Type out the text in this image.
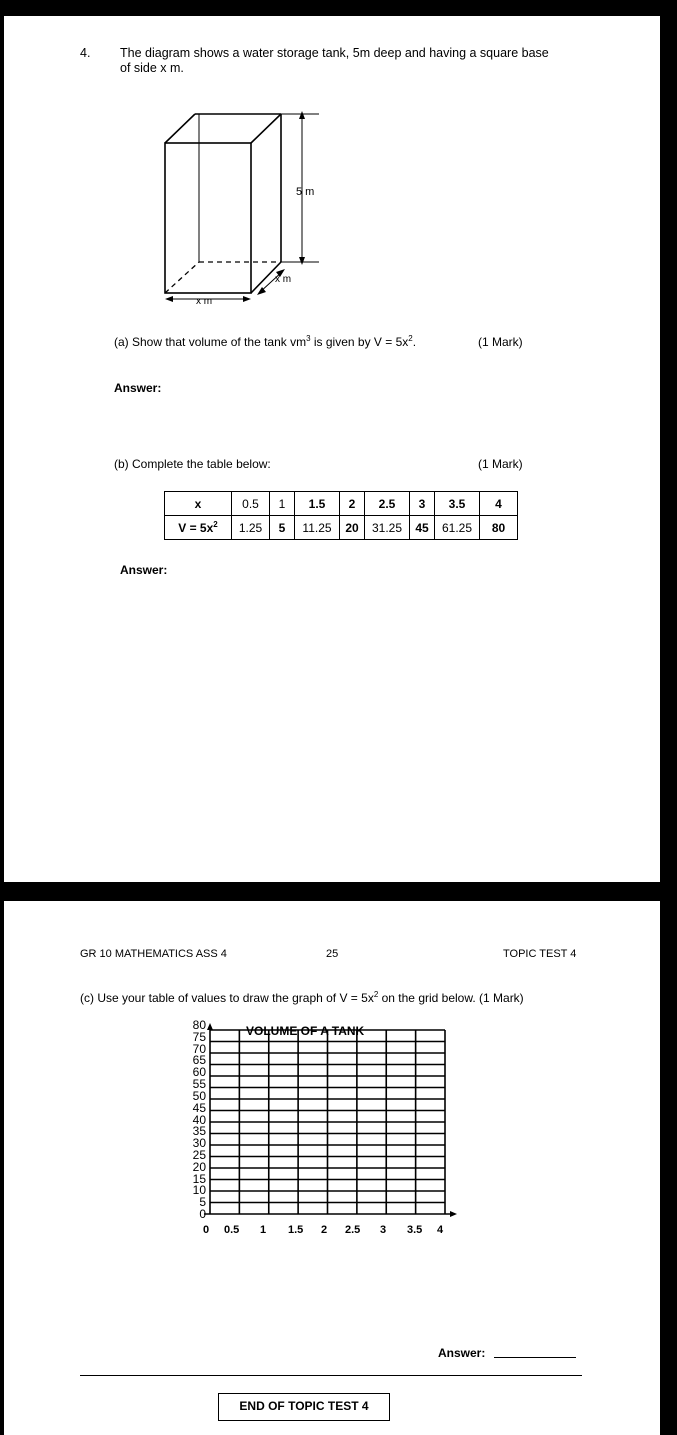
4. The diagram shows a water storage tank, 5m deep and having a square base
of side x m.
5 m
x m
x m
(a) Show that volume of the tank $vm^3$ is given by $V = 5x^2$.	(1 Mark)
Answer:
(b) Complete the table below:	(1 Mark)
x	0.5	1	1.5	2	2.5	3	3.5	4
$V = 5x^2$	1.25	5	11.25	20	31.25	45	61.25	80
Answer:
GR 10 MATHEMATICS ASS 4	25	TOPIC TEST 4
(c) Use your table of values to draw the graph of $V = 5x^2$ on the grid below. (1 Mark)
VOLUME OF A TANK
Answer:
END OF TOPIC TEST 4
0
5
10
15
20
25
30
35
40
45
50
55
60
65
70
75
80
0 0.5 1 1.5 2 2.5 3 3.5 4
